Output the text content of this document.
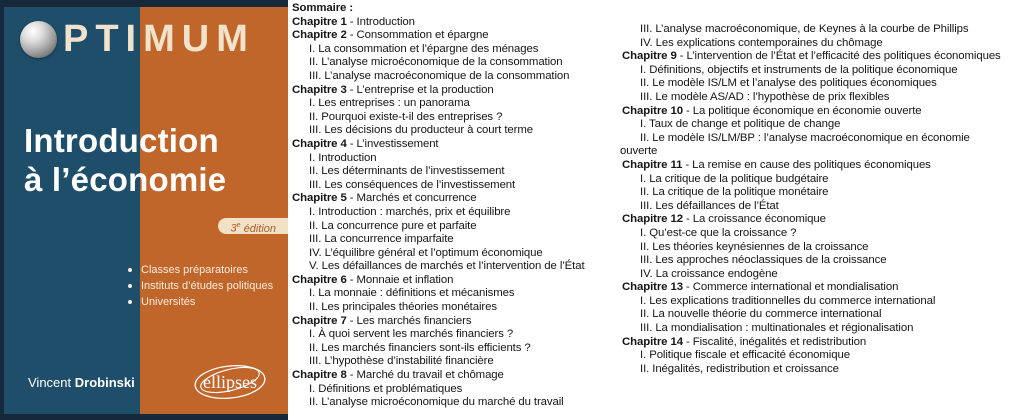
PTIMUM
Introduction
à l’économie
3e édition
Classes préparatoires
Instituts d’études politiques
Universités
Vincent Drobinski	ellipses
Sommaire :
Chapitre 1 - Introduction
Chapitre 2 - Consommation et épargne
I. La consommation et l’épargne des ménages
II. L’analyse microéconomique de la consommation
III. L’analyse macroéconomique de la consommation
Chapitre 3 - L’entreprise et la production
I. Les entreprises : un panorama
II. Pourquoi existe-t-il des entreprises ?
III. Les décisions du producteur à court terme
Chapitre 4 - L’investissement
I. Introduction
II. Les déterminants de l’investissement
III. Les conséquences de l’investissement
Chapitre 5 - Marchés et concurrence
I. Introduction : marchés, prix et équilibre
II. La concurrence pure et parfaite
III. La concurrence imparfaite
IV. L’équilibre général et l’optimum économique
V. Les défaillances de marchés et l’intervention de l’État
Chapitre 6 - Monnaie et inflation
I. La monnaie : définitions et mécanismes
II. Les principales théories monétaires
Chapitre 7 - Les marchés financiers
I. À quoi servent les marchés financiers ?
II. Les marchés financiers sont-ils efficients ?
III. L’hypothèse d’instabilité financière
Chapitre 8 - Marché du travail et chômage
I. Définitions et problématiques
II. L’analyse microéconomique du marché du travail
III. L’analyse macroéconomique, de Keynes à la courbe de Phillips
IV. Les explications contemporaines du chômage
Chapitre 9 - L’intervention de l’État et l’efficacité des politiques économiques
I. Définitions, objectifs et instruments de la politique économique
II. Le modèle IS/LM et l’analyse des politiques économiques
III. Le modèle AS/AD : l’hypothèse de prix flexibles
Chapitre 10 - La politique économique en économie ouverte
I. Taux de change et politique de change
II. Le modèle IS/LM/BP : l’analyse macroéconomique en économie
ouverte
Chapitre 11 - La remise en cause des politiques économiques
I. La critique de la politique budgétaire
II. La critique de la politique monétaire
III. Les défaillances de l’État
Chapitre 12 - La croissance économique
I. Qu’est-ce que la croissance ?
II. Les théories keynésiennes de la croissance
III. Les approches néoclassiques de la croissance
IV. La croissance endogène
Chapitre 13 - Commerce international et mondialisation
I. Les explications traditionnelles du commerce international
II. La nouvelle théorie du commerce international
III. La mondialisation : multinationales et régionalisation
Chapitre 14 - Fiscalité, inégalités et redistribution
I. Politique fiscale et efficacité économique
II. Inégalités, redistribution et croissance
